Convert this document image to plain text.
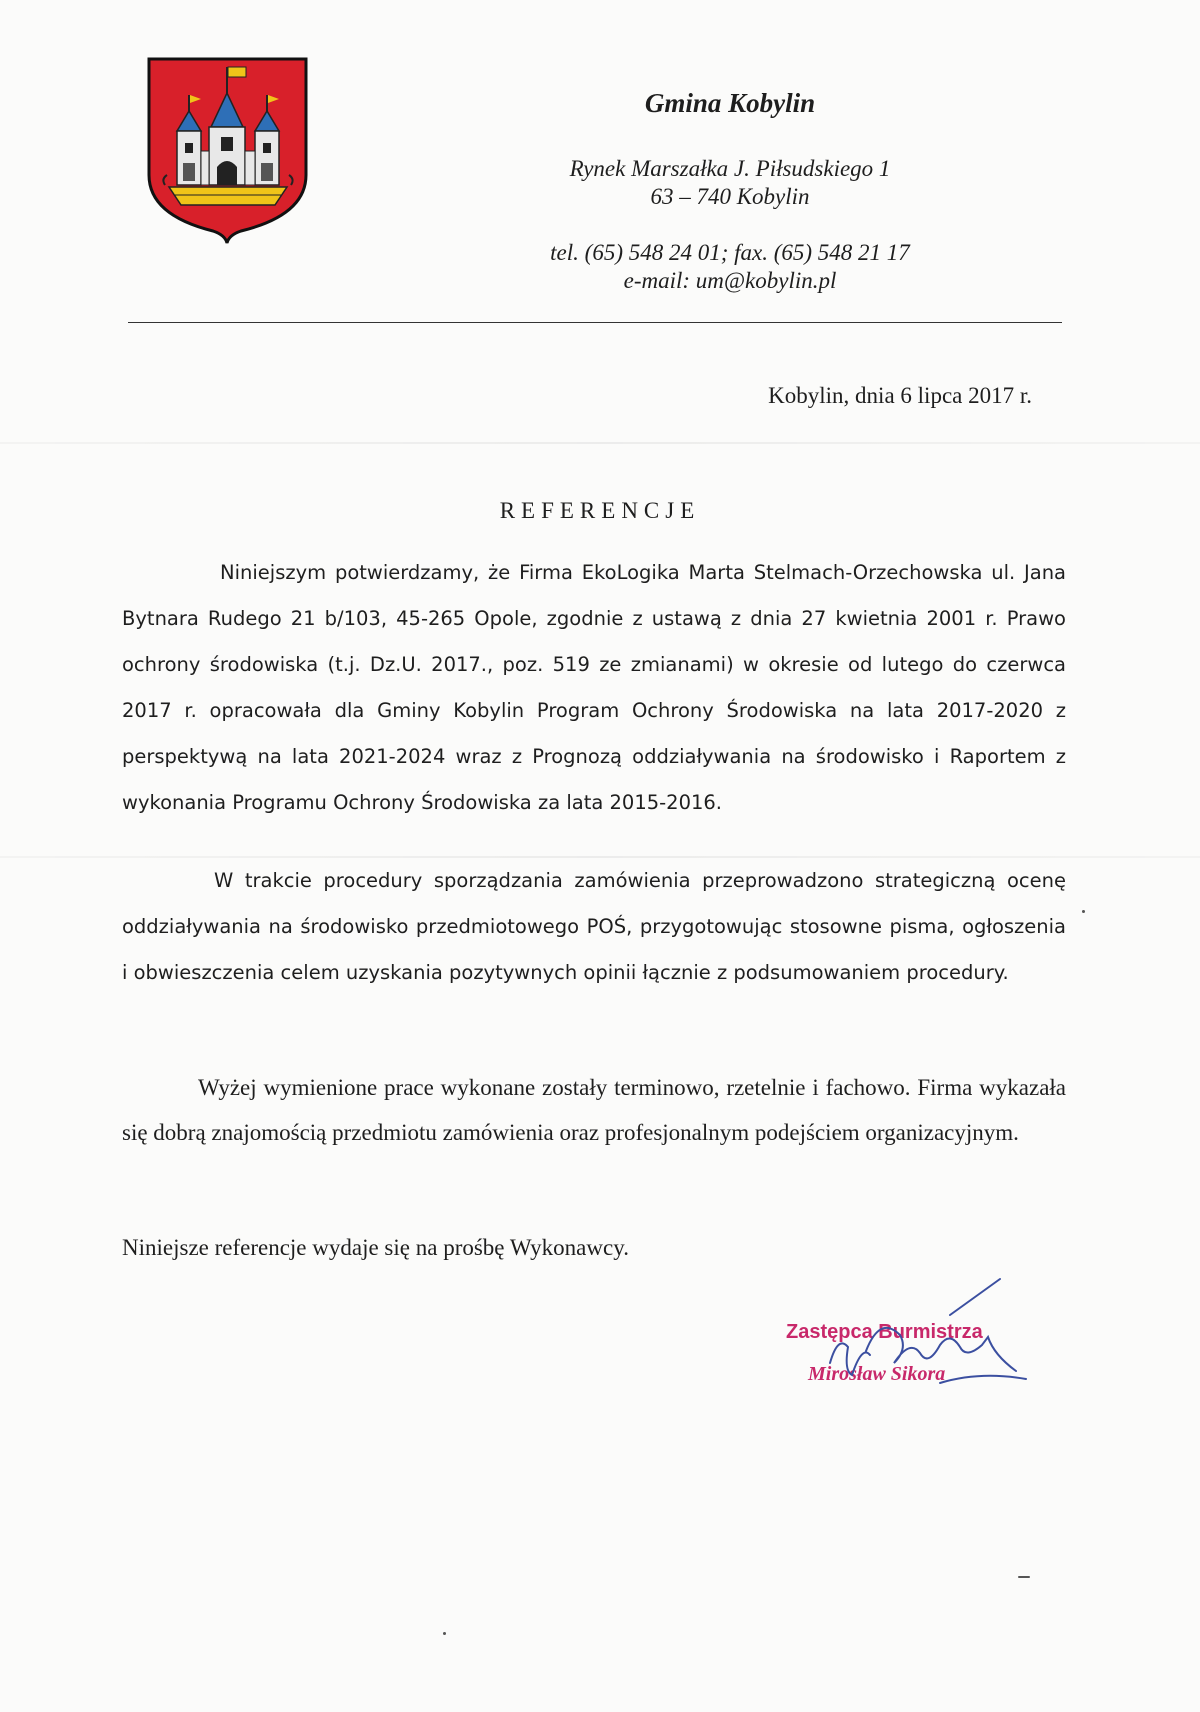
Gmina Kobylin
Rynek Marszałka J. Piłsudskiego 1
63 – 740 Kobylin
tel. (65) 548 24 01; fax. (65) 548 21 17
e-mail: um@kobylin.pl
Kobylin, dnia 6 lipca 2017 r.
REFERENCJE

Niniejszym potwierdzamy, że Firma EkoLogika Marta Stelmach-Orzechowska ul. Jana Bytnara Rudego 21 b/103, 45-265 Opole, zgodnie z ustawą z dnia 27 kwietnia 2001 r. Prawo ochrony środowiska (t.j. Dz.U. 2017., poz. 519 ze zmianami) w okresie od lutego do czerwca 2017 r. opracowała dla Gminy Kobylin Program Ochrony Środowiska na lata 2017-2020 z perspektywą na lata 2021-2024 wraz z Prognozą oddziaływania na środowisko i Raportem z wykonania Programu Ochrony Środowiska za lata 2015-2016.

W trakcie procedury sporządzania zamówienia przeprowadzono strategiczną ocenę oddziaływania na środowisko przedmiotowego POŚ, przygotowując stosowne pisma, ogłoszenia i obwieszczenia celem uzyskania pozytywnych opinii łącznie z podsumowaniem procedury.

Wyżej wymienione prace wykonane zostały terminowo, rzetelnie i fachowo. Firma wykazała się dobrą znajomością przedmiotu zamówienia oraz profesjonalnym podejściem organizacyjnym.

Niniejsze referencje wydaje się na prośbę Wykonawcy.

Zastępca Burmistrza
Mirosław Sikora
